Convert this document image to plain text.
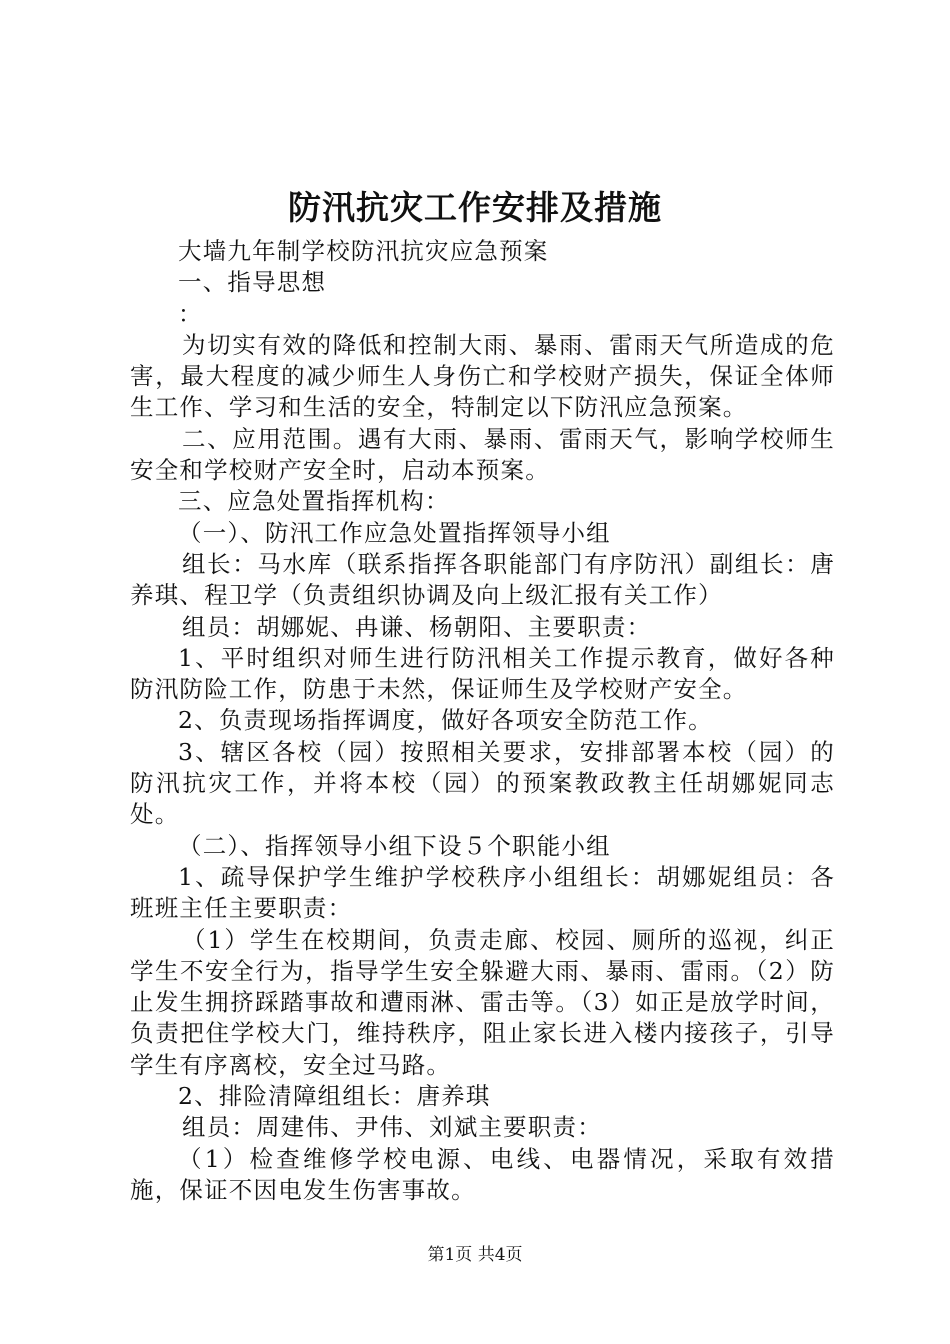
防汛抗灾工作安排及措施

大墙九年制学校防汛抗灾应急预案

一、指导思想

：

为切实有效的降低和控制大雨、暴雨、雷雨天气所造成的危害，最大程度的减少师生人身伤亡和学校财产损失，保证全体师生工作、学习和生活的安全，特制定以下防汛应急预案。

二、应用范围。遇有大雨、暴雨、雷雨天气，影响学校师生安全和学校财产安全时，启动本预案。

三、应急处置指挥机构：

（一）、防汛工作应急处置指挥领导小组

组长：马水库（联系指挥各职能部门有序防汛）副组长：唐养琪、程卫学（负责组织协调及向上级汇报有关工作）

组员：胡娜妮、冉谦、杨朝阳、主要职责：

1、平时组织对师生进行防汛相关工作提示教育，做好各种防汛防险工作，防患于未然，保证师生及学校财产安全。

2、负责现场指挥调度，做好各项安全防范工作。

3、辖区各校（园）按照相关要求，安排部署本校（园）的防汛抗灾工作，并将本校（园）的预案教政教主任胡娜妮同志处。

（二）、指挥领导小组下设５个职能小组

1、疏导保护学生维护学校秩序小组组长：胡娜妮组员：各班班主任主要职责：

（1）学生在校期间，负责走廊、校园、厕所的巡视，纠正学生不安全行为，指导学生安全躲避大雨、暴雨、雷雨。（2）防止发生拥挤踩踏事故和遭雨淋、雷击等。（3）如正是放学时间，负责把住学校大门，维持秩序，阻止家长进入楼内接孩子，引导学生有序离校，安全过马路。

2、排险清障组组长：唐养琪

组员：周建伟、尹伟、刘斌主要职责：

（1）检查维修学校电源、电线、电器情况，采取有效措施，保证不因电发生伤害事故。

第1页 共4页
